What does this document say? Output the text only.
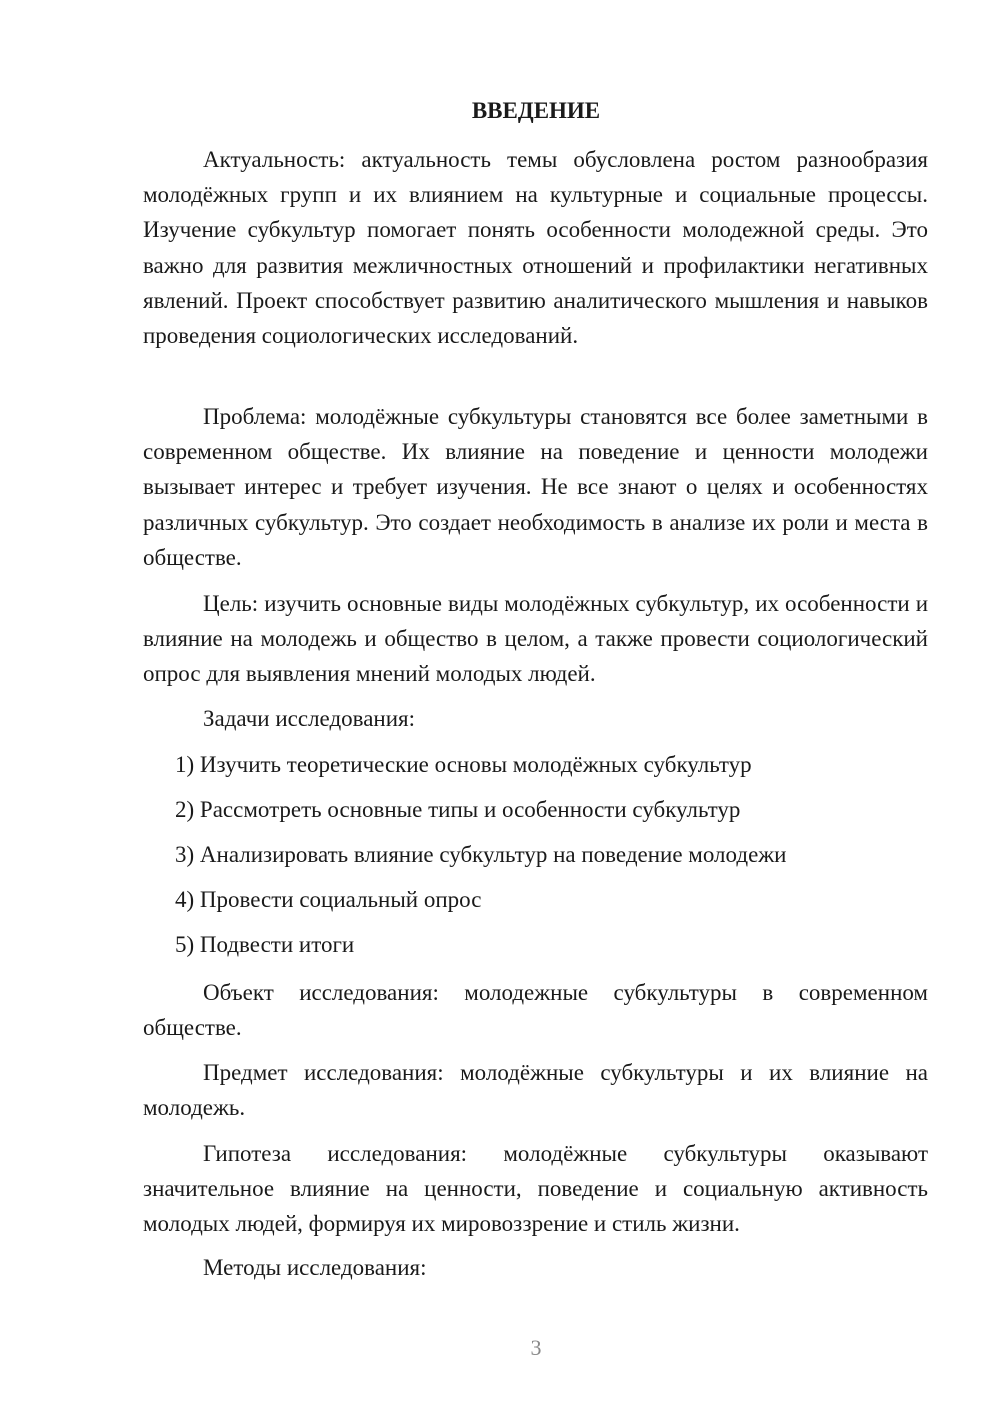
ВВЕДЕНИЕ

Актуальность: актуальность темы обусловлена ростом разнообразия молодёжных групп и их влиянием на культурные и социальные процессы. Изучение субкультур помогает понять особенности молодежной среды. Это важно для развития межличностных отношений и профилактики негативных явлений. Проект способствует развитию аналитического мышления и навыков проведения социологических исследований.

Проблема: молодёжные субкультуры становятся все более заметными в современном обществе. Их влияние на поведение и ценности молодежи вызывает интерес и требует изучения. Не все знают о целях и особенностях различных субкультур. Это создает необходимость в анализе их роли и места в обществе.

Цель: изучить основные виды молодёжных субкультур, их особенности и влияние на молодежь и общество в целом, а также провести социологический опрос для выявления мнений молодых людей.

Задачи исследования:
1) Изучить теоретические основы молодёжных субкультур
2) Рассмотреть основные типы и особенности субкультур
3) Анализировать влияние субкультур на поведение молодежи
4) Провести социальный опрос
5) Подвести итоги

Объект исследования: молодежные субкультуры в современном обществе.

Предмет исследования: молодёжные субкультуры и их влияние на молодежь.

Гипотеза исследования: молодёжные субкультуры оказывают значительное влияние на ценности, поведение и социальную активность молодых людей, формируя их мировоззрение и стиль жизни.

Методы исследования:
3
